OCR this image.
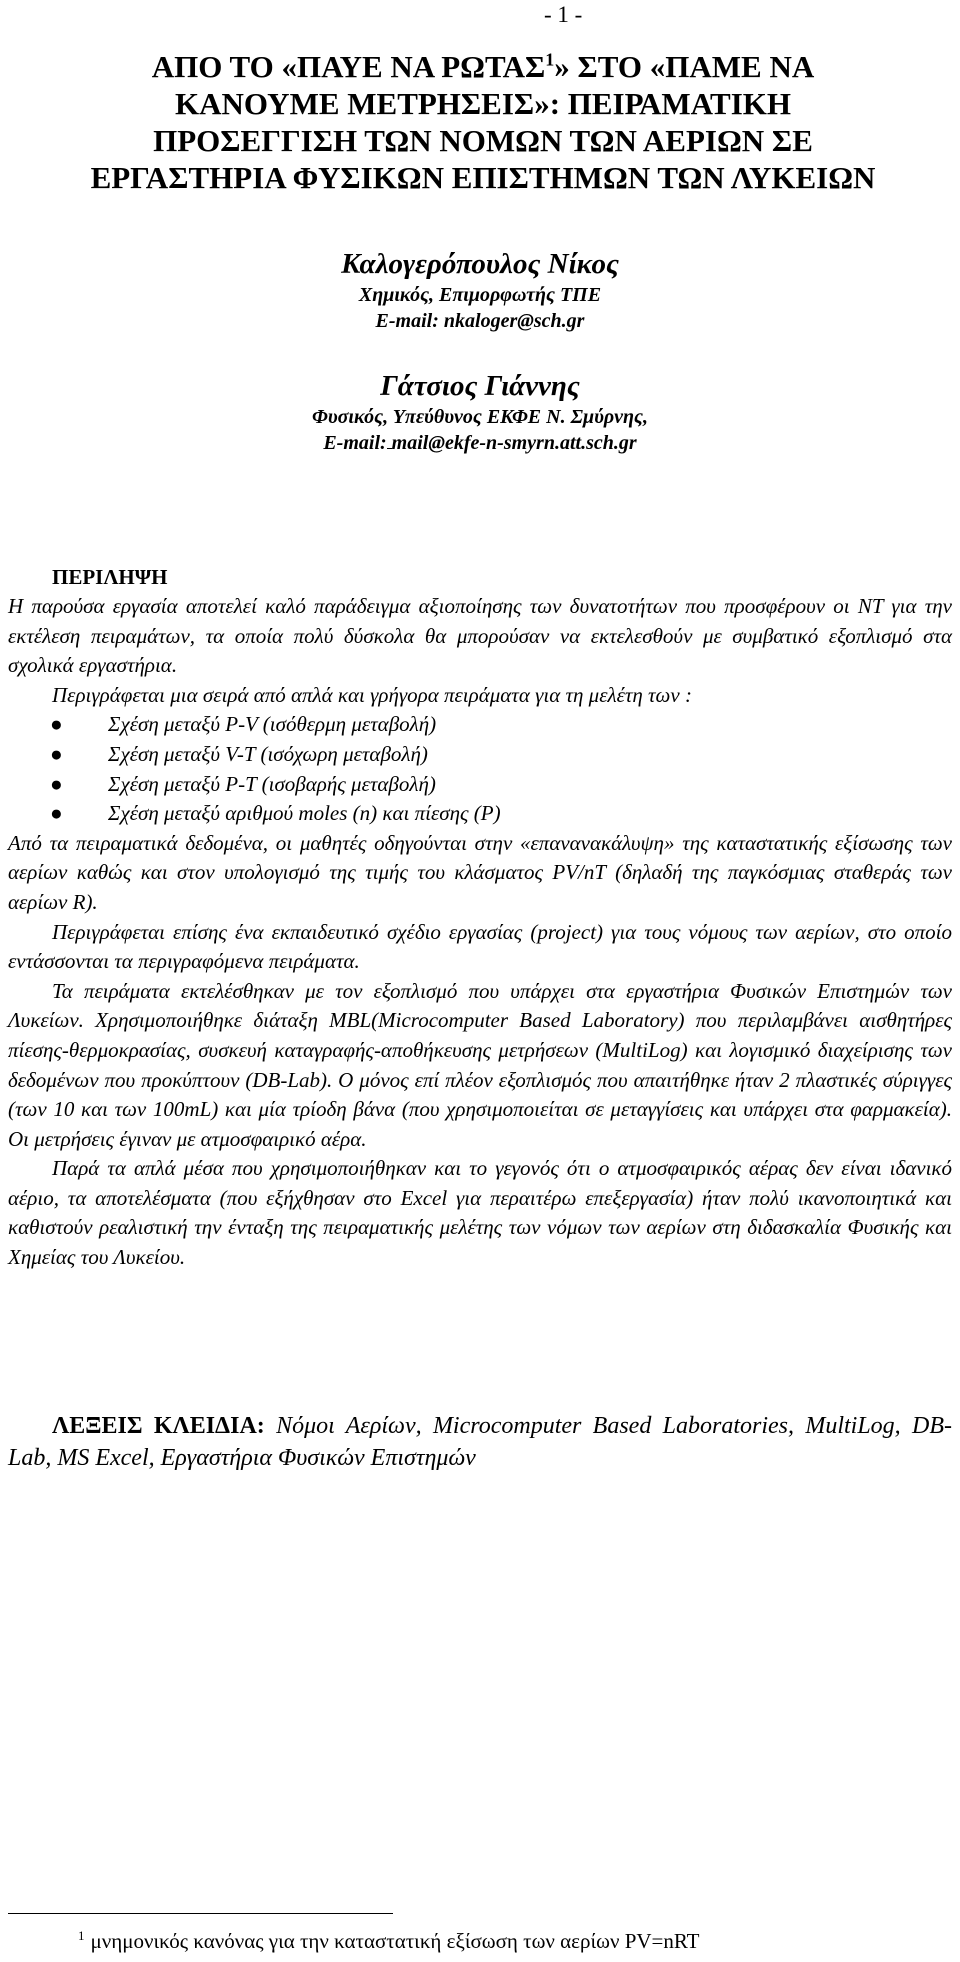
- 1 -
ΑΠΟ ΤΟ «ΠΑΥΕ ΝΑ ΡΩΤΑΣ$^1$» ΣΤΟ «ΠΑΜΕ ΝΑ ΚΑΝΟΥΜΕ ΜΕΤΡΗΣΕΙΣ»: ΠΕΙΡΑΜΑΤΙΚΗ ΠΡΟΣΕΓΓΙΣΗ ΤΩΝ ΝΟΜΩΝ ΤΩΝ ΑΕΡΙΩΝ ΣΕ ΕΡΓΑΣΤΗΡΙΑ ΦΥΣΙΚΩΝ ΕΠΙΣΤΗΜΩΝ ΤΩΝ ΛΥΚΕΙΩΝ
Καλογερόπουλος Νίκος
Χημικός, Επιμορφωτής ΤΠΕ
E-mail: nkaloger@sch.gr
Γάτσιος Γιάννης
Φυσικός, Υπεύθυνος ΕΚΦΕ Ν. Σμύρνης,
E-mail: mail@ekfe-n-smyrn.att.sch.gr
ΠΕΡΙΛΗΨΗ

Η παρούσα εργασία αποτελεί καλό παράδειγμα αξιοποίησης των δυνατοτήτων που προσφέρουν οι ΝΤ για την εκτέλεση πειραμάτων, τα οποία πολύ δύσκολα θα μπορούσαν να εκτελεσθούν με συμβατικό εξοπλισμό στα σχολικά εργαστήρια.

Περιγράφεται μια σειρά από απλά και γρήγορα πειράματα για τη μελέτη των :

● Σχέση μεταξύ P-V (ισόθερμη μεταβολή)
● Σχέση μεταξύ V-T (ισόχωρη μεταβολή)
● Σχέση μεταξύ P-T (ισοβαρής μεταβολή)
● Σχέση μεταξύ αριθμού moles (n) και πίεσης (P)

Από τα πειραματικά δεδομένα, οι μαθητές οδηγούνται στην «επανανακάλυψη» της καταστατικής εξίσωσης των αερίων καθώς και στον υπολογισμό της τιμής του κλάσματος PV/nT (δηλαδή της παγκόσμιας σταθεράς των αερίων R).

Περιγράφεται επίσης ένα εκπαιδευτικό σχέδιο εργασίας (project) για τους νόμους των αερίων, στο οποίο εντάσσονται τα περιγραφόμενα πειράματα.

Τα πειράματα εκτελέσθηκαν με τον εξοπλισμό που υπάρχει στα εργαστήρια Φυσικών Επιστημών των Λυκείων. Χρησιμοποιήθηκε διάταξη MBL(Microcomputer Based Laboratory) που περιλαμβάνει αισθητήρες πίεσης-θερμοκρασίας, συσκευή καταγραφής-αποθήκευσης μετρήσεων (MultiLog) και λογισμικό διαχείρισης των δεδομένων που προκύπτουν (DB-Lab). Ο μόνος επί πλέον εξοπλισμός που απαιτήθηκε ήταν 2 πλαστικές σύριγγες (των 10 και των 100mL) και μία τρίοδη βάνα (που χρησιμοποιείται σε μεταγγίσεις και υπάρχει στα φαρμακεία). Οι μετρήσεις έγιναν με ατμοσφαιρικό αέρα.

Παρά τα απλά μέσα που χρησιμοποιήθηκαν και το γεγονός ότι ο ατμοσφαιρικός αέρας δεν είναι ιδανικό αέριο, τα αποτελέσματα (που εξήχθησαν στο Excel για περαιτέρω επεξεργασία) ήταν πολύ ικανοποιητικά και καθιστούν ρεαλιστική την ένταξη της πειραματικής μελέτης των νόμων των αερίων στη διδασκαλία Φυσικής και Χημείας του Λυκείου.

ΛΕΞΕΙΣ ΚΛΕΙΔΙΑ: Νόμοι Αερίων, Microcomputer Based Laboratories, MultiLog, DB-Lab, MS Excel, Εργαστήρια Φυσικών Επιστημών
$^1$ μνημονικός κανόνας για την καταστατική εξίσωση των αερίων PV=nRT
